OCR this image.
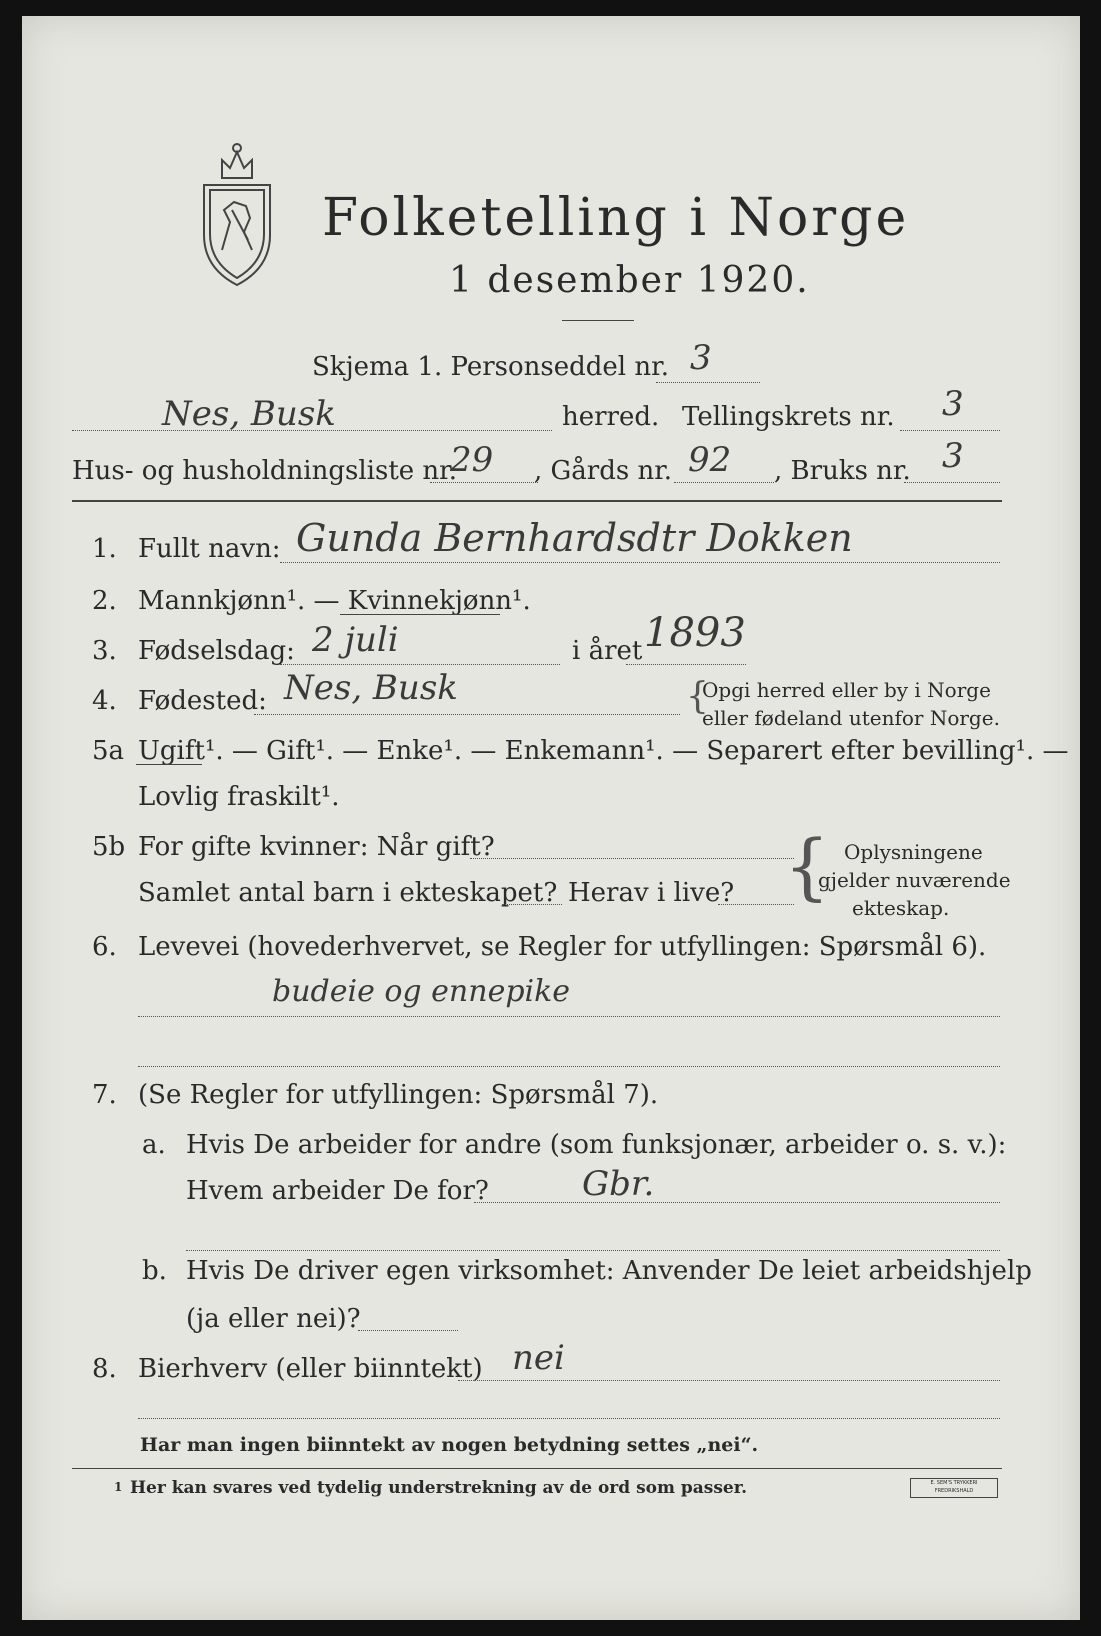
Folketelling i Norge
1 desember 1920.
Skjema 1. Personseddel nr. 3
Nes, Busk	herred. Tellingskrets nr. 3
Hus- og husholdningsliste nr.
29 , Gårds nr. 92 , Bruks nr. 3
1. Fullt navn: Gunda Bernhardsdtr Dokken
2. Mannkjønn¹. — Kvinnekjønn¹.
3. Fødselsdag: 2 juli	i året 1893
4. Fødested: Nes, Busk	{
Opgi herred eller by i Norge
eller fødeland utenfor Norge.
5a Ugift¹. — Gift¹. — Enke¹. — Enkemann¹. — Separert efter bevilling¹. —
Lovlig fraskilt¹.
5b For gifte kvinner: Når gift?
Samlet antal barn i ekteskapet? Herav i live? { Oplysningene
gjelder nuværende
ekteskap.
6. Levevei (hovederhvervet, se Regler for utfyllingen: Spørsmål 6).
budeie og ennepike
7. (Se Regler for utfyllingen: Spørsmål 7).
a. Hvis De arbeider for andre (som funksjonær, arbeider o. s. v.):
Hvem arbeider De for?	Gbr.
b. Hvis De driver egen virksomhet: Anvender De leiet arbeidshjelp
(ja eller nei)?
8. Bierhverv (eller biinntekt) nei
Har man ingen biinntekt av nogen betydning settes „nei“.
1 Her kan svares ved tydelig understrekning av de ord som passer.	E. SEM'S TRYKKERI FREDRIKSHALD
